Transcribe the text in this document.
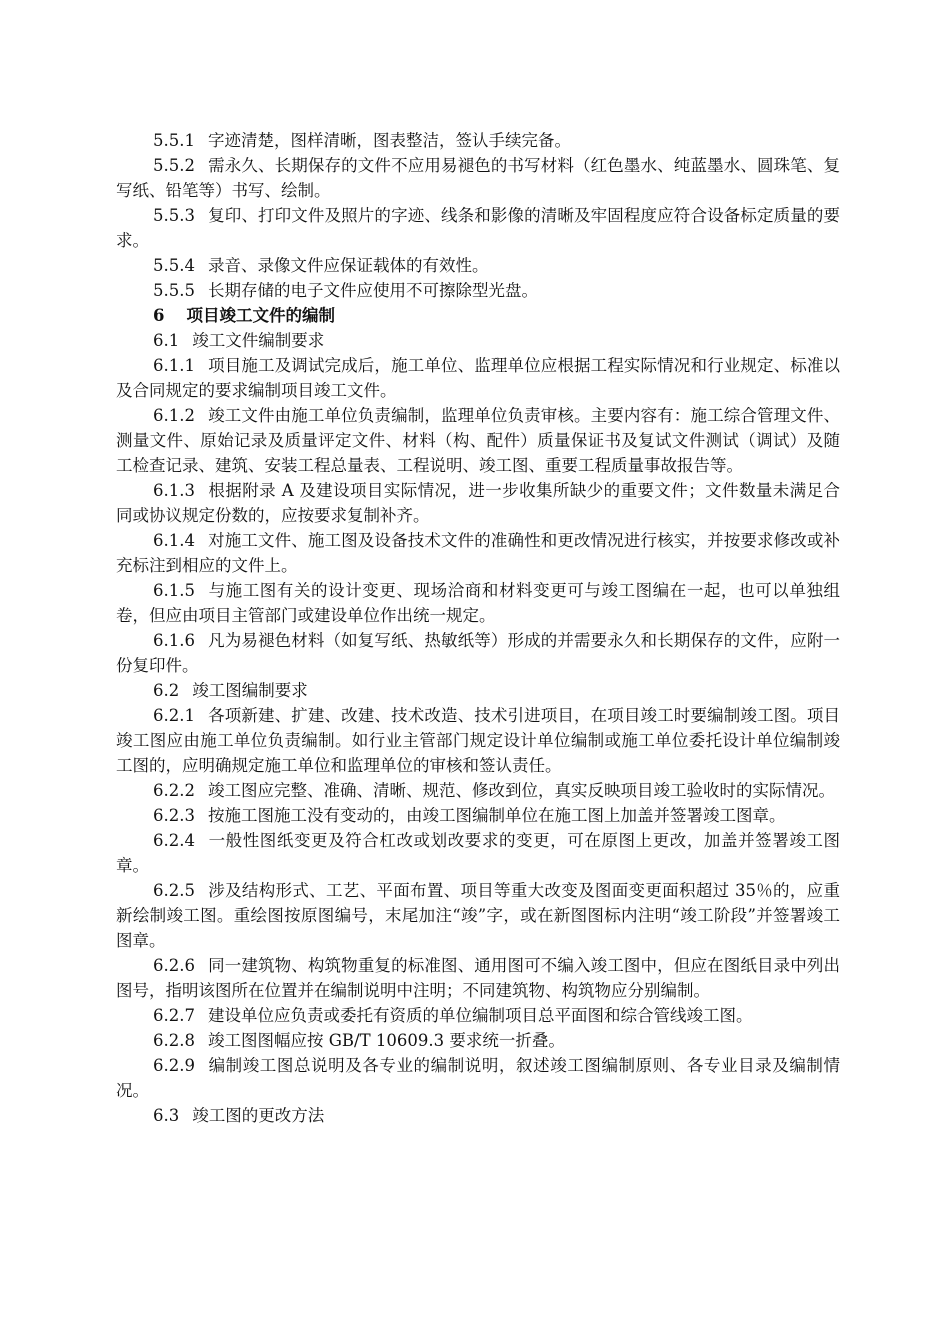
5.5.1 字迹清楚，图样清晰，图表整洁，签认手续完备。

5.5.2 需永久、长期保存的文件不应用易褪色的书写材料（红色墨水、纯蓝墨水、圆珠笔、复写纸、铅笔等）书写、绘制。

5.5.3 复印、打印文件及照片的字迹、线条和影像的清晰及牢固程度应符合设备标定质量的要求。

5.5.4 录音、录像文件应保证载体的有效性。

5.5.5 长期存储的电子文件应使用不可擦除型光盘。

6 项目竣工文件的编制

6.1 竣工文件编制要求

6.1.1 项目施工及调试完成后，施工单位、监理单位应根据工程实际情况和行业规定、标准以及合同规定的要求编制项目竣工文件。

6.1.2 竣工文件由施工单位负责编制，监理单位负责审核。主要内容有：施工综合管理文件、测量文件、原始记录及质量评定文件、材料（构、配件）质量保证书及复试文件测试（调试）及随工检查记录、建筑、安装工程总量表、工程说明、竣工图、重要工程质量事故报告等。

6.1.3 根据附录 A 及建设项目实际情况，进一步收集所缺少的重要文件；文件数量未满足合同或协议规定份数的，应按要求复制补齐。

6.1.4 对施工文件、施工图及设备技术文件的准确性和更改情况进行核实，并按要求修改或补充标注到相应的文件上。

6.1.5 与施工图有关的设计变更、现场洽商和材料变更可与竣工图编在一起，也可以单独组卷，但应由项目主管部门或建设单位作出统一规定。

6.1.6 凡为易褪色材料（如复写纸、热敏纸等）形成的并需要永久和长期保存的文件，应附一份复印件。

6.2 竣工图编制要求

6.2.1 各项新建、扩建、改建、技术改造、技术引进项目，在项目竣工时要编制竣工图。项目竣工图应由施工单位负责编制。如行业主管部门规定设计单位编制或施工单位委托设计单位编制竣工图的，应明确规定施工单位和监理单位的审核和签认责任。

6.2.2 竣工图应完整、准确、清晰、规范、修改到位，真实反映项目竣工验收时的实际情况。

6.2.3 按施工图施工没有变动的，由竣工图编制单位在施工图上加盖并签署竣工图章。

6.2.4 一般性图纸变更及符合杠改或划改要求的变更，可在原图上更改，加盖并签署竣工图章。

6.2.5 涉及结构形式、工艺、平面布置、项目等重大改变及图面变更面积超过 35％的，应重新绘制竣工图。重绘图按原图编号，末尾加注“竣”字，或在新图图标内注明“竣工阶段”并签署竣工图章。

6.2.6 同一建筑物、构筑物重复的标准图、通用图可不编入竣工图中，但应在图纸目录中列出图号，指明该图所在位置并在编制说明中注明；不同建筑物、构筑物应分别编制。

6.2.7 建设单位应负责或委托有资质的单位编制项目总平面图和综合管线竣工图。

6.2.8 竣工图图幅应按 GB/T 10609.3 要求统一折叠。

6.2.9 编制竣工图总说明及各专业的编制说明，叙述竣工图编制原则、各专业目录及编制情况。

6.3 竣工图的更改方法
